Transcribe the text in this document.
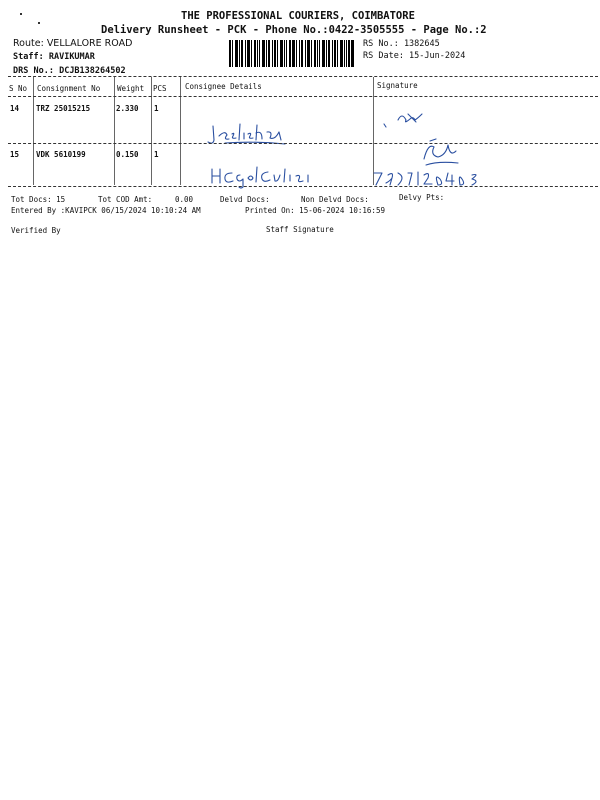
THE PROFESSIONAL COURIERS, COIMBATORE
Delivery Runsheet - PCK - Phone No.:0422-3505555 - Page No.:2
Route: VELLALORE ROAD
Staff: RAVIKUMAR
DRS No.: DCJB138264502
RS No.: 1382645
RS Date: 15-Jun-2024
S No Consignment No Weight PCS Consignee Details	Signature
14 TRZ 25015215	2.330 1
15 VDK 5610199	0.150 1
Tot Docs: 15	Tot COD Amt:	0.00	Delvd Docs:	Non Delvd Docs:	Delvy Pts:
Entered By :KAVIPCK 06/15/2024 10:10:24 AM	Printed On: 15-06-2024 10:16:59
Verified By	Staff Signature
